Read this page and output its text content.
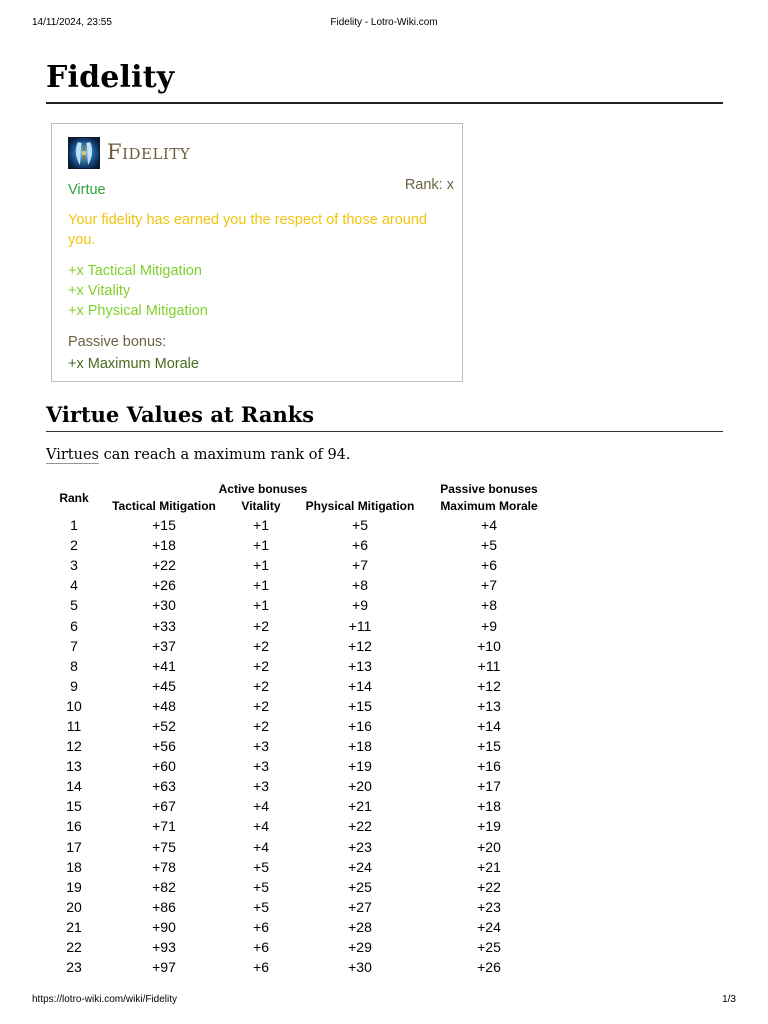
14/11/2024, 23:55	Fidelity - Lotro-Wiki.com
Fidelity
Fidelity
Virtue	Rank: x
Your fidelity has earned you the respect of those around you.
+x Tactical Mitigation
+x Vitality
+x Physical Mitigation
Passive bonus:
+x Maximum Morale
Virtue Values at Ranks
Virtues can reach a maximum rank of 94.
Rank	Active bonuses			Passive bonuses
	Tactical Mitigation	Vitality	Physical Mitigation	Maximum Morale
1	+15	+1	+5	+4
2	+18	+1	+6	+5
3	+22	+1	+7	+6
4	+26	+1	+8	+7
5	+30	+1	+9	+8
6	+33	+2	+11	+9
7	+37	+2	+12	+10
8	+41	+2	+13	+11
9	+45	+2	+14	+12
10	+48	+2	+15	+13
11	+52	+2	+16	+14
12	+56	+3	+18	+15
13	+60	+3	+19	+16
14	+63	+3	+20	+17
15	+67	+4	+21	+18
16	+71	+4	+22	+19
17	+75	+4	+23	+20
18	+78	+5	+24	+21
19	+82	+5	+25	+22
20	+86	+5	+27	+23
21	+90	+6	+28	+24
22	+93	+6	+29	+25
23	+97	+6	+30	+26
https://lotro-wiki.com/wiki/Fidelity	1/3
